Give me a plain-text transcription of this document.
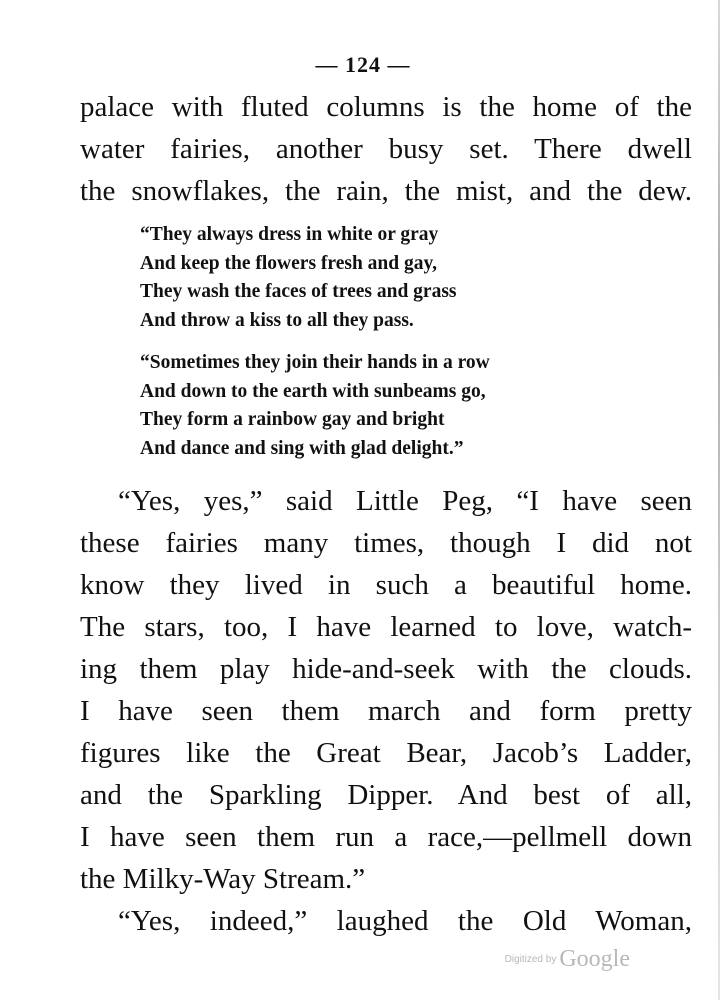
— 124 —
palace with fluted columns is the home of the
water fairies, another busy set. There dwell
the snowflakes, the rain, the mist, and the dew.
“They always dress in white or gray
And keep the flowers fresh and gay,
They wash the faces of trees and grass
And throw a kiss to all they pass.
“Sometimes they join their hands in a row
And down to the earth with sunbeams go,
They form a rainbow gay and bright
And dance and sing with glad delight.”
“Yes, yes,” said Little Peg, “I have seen
these fairies many times, though I did not
know they lived in such a beautiful home.
The stars, too, I have learned to love, watch-
ing them play hide-and-seek with the clouds.
I have seen them march and form pretty
figures like the Great Bear, Jacob’s Ladder,
and the Sparkling Dipper. And best of all,
I have seen them run a race,—pellmell down
the Milky-Way Stream.”
“Yes, indeed,” laughed the Old Woman,
Digitized by Google
